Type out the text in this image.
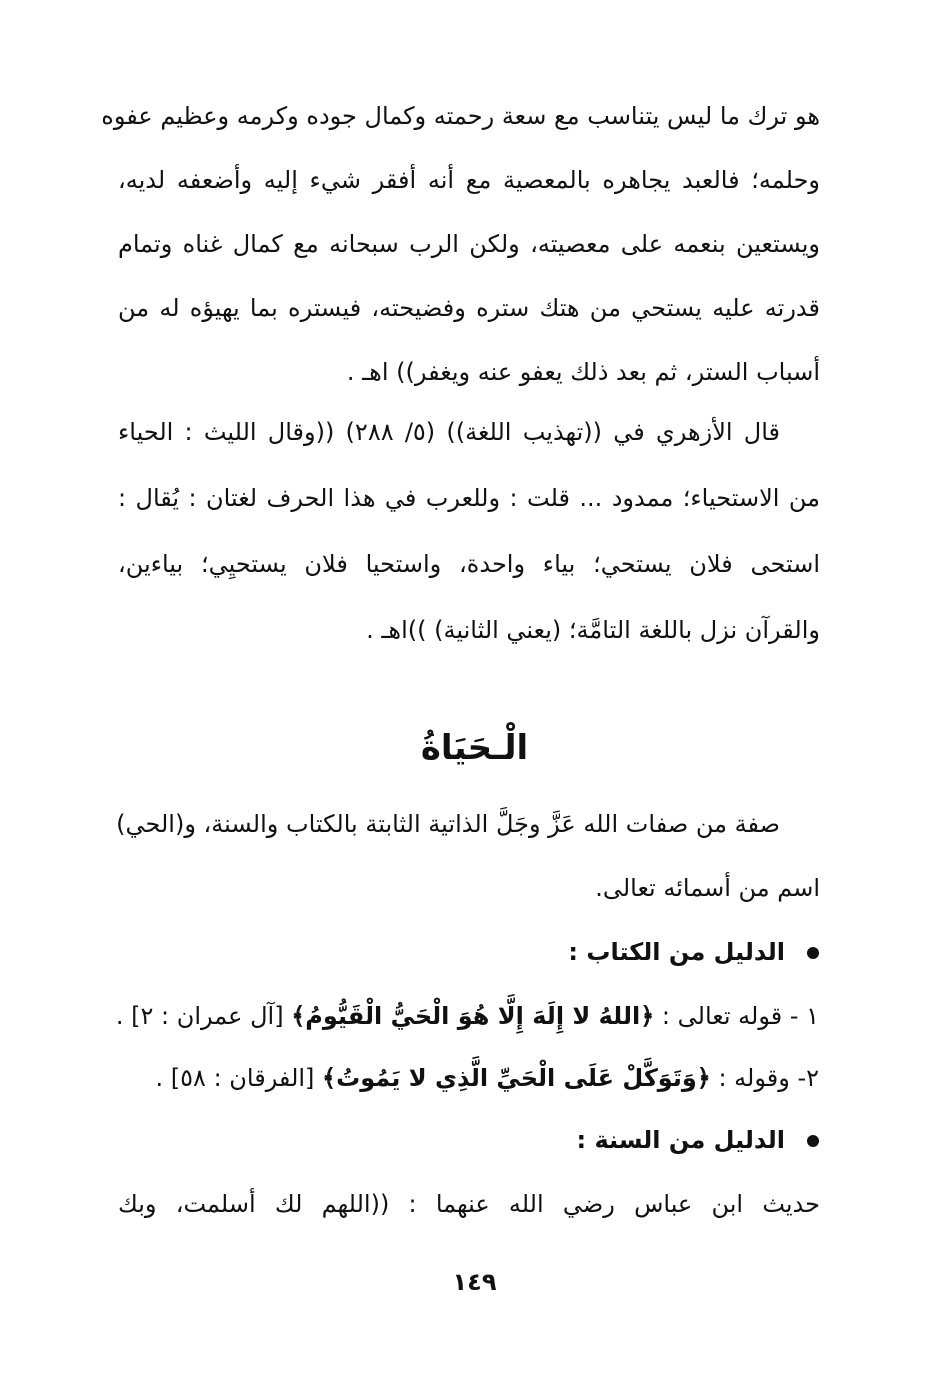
هو ترك ما ليس يتناسب مع سعة رحمته وكمال جوده وكرمه وعظيم عفوه
وحلمه؛ فالعبد يجاهره بالمعصية مع أنه أفقر شيء إليه وأضعفه لديه،
ويستعين بنعمه على معصيته، ولكن الرب سبحانه مع كمال غناه وتمام
قدرته عليه يستحي من هتك ستره وفضيحته، فيستره بما يهيؤه له من
أسباب الستر، ثم بعد ذلك يعفو عنه ويغفر)) اهـ .
قال الأزهري في ((تهذيب اللغة)) (٥/ ٢٨٨) ((وقال الليث : الحياء
من الاستحياء؛ ممدود ... قلت : وللعرب في هذا الحرف لغتان : يُقال :
استحى فلان يستحي؛ بياء واحدة، واستحيا فلان يستحيِي؛ بياءين،
والقرآن نزل باللغة التامَّة؛ (يعني الثانية) ))اهـ .
الْـحَيَاةُ
صفة من صفات الله عَزَّ وجَلَّ الذاتية الثابتة بالكتاب والسنة، و(الحي)
اسم من أسمائه تعالى.
الدليل من الكتاب :
١ - قوله تعالى : ﴿اللهُ لا إِلَهَ إِلَّا هُوَ الْحَيُّ الْقَيُّومُ﴾ [آل عمران : ٢] .
٢- وقوله : ﴿وَتَوَكَّلْ عَلَى الْحَيِّ الَّذِي لا يَمُوتُ﴾ [الفرقان : ٥٨] .
الدليل من السنة :
حديث ابن عباس رضي الله عنهما : ((اللهم لك أسلمت، وبك
١٤٩
